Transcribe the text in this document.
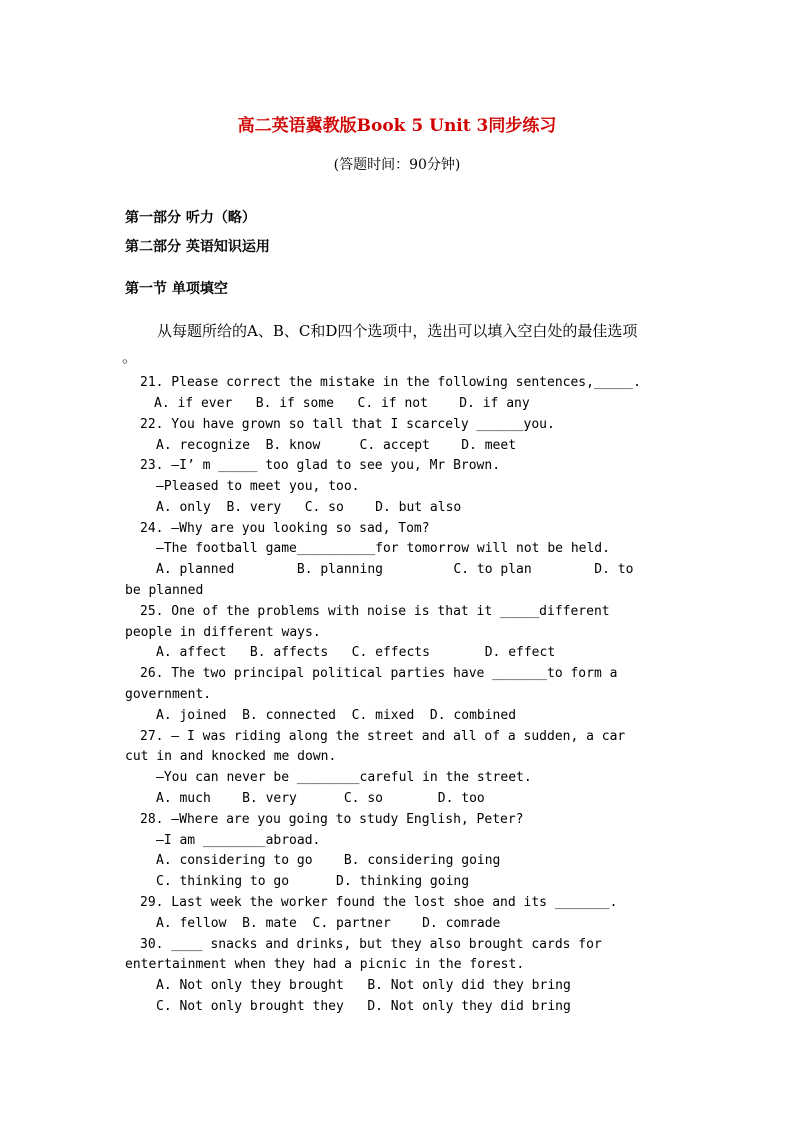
高二英语冀教版Book 5 Unit 3同步练习
(答题时间：90分钟)
第一部分 听力（略）
第二部分 英语知识运用
第一节 单项填空
从每题所给的A、B、C和D四个选项中，选出可以填入空白处的最佳选项
。
21. Please correct the mistake in the following sentences,_____.
A. if ever   B. if some   C. if not    D. if any
22. You have grown so tall that I scarcely ______you.
A. recognize  B. know     C. accept    D. meet
23. —I’ m _____ too glad to see you, Mr Brown.
—Pleased to meet you, too.
A. only  B. very   C. so    D. but also
24. —Why are you looking so sad, Tom?
—The football game__________for tomorrow will not be held.
A. planned        B. planning         C. to plan        D. to
be planned
25. One of the problems with noise is that it _____different
people in different ways.
A. affect   B. affects   C. effects       D. effect
26. The two principal political parties have _______to form a
government.
A. joined  B. connected  C. mixed  D. combined
27. — I was riding along the street and all of a sudden, a car
cut in and knocked me down.
—You can never be ________careful in the street.
A. much    B. very      C. so       D. too
28. —Where are you going to study English, Peter?
—I am ________abroad.
A. considering to go    B. considering going
C. thinking to go      D. thinking going
29. Last week the worker found the lost shoe and its _______.
A. fellow  B. mate  C. partner    D. comrade
30. ____ snacks and drinks, but they also brought cards for
entertainment when they had a picnic in the forest.
A. Not only they brought   B. Not only did they bring
C. Not only brought they   D. Not only they did bring
